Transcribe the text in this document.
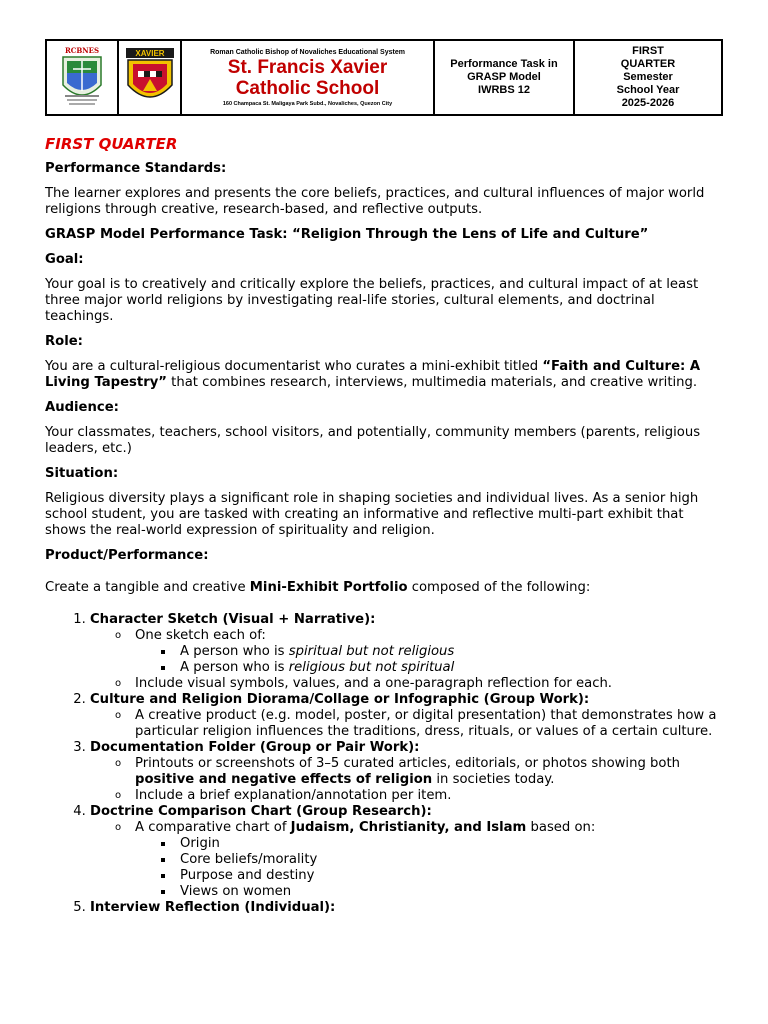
RCBNES	XAVIER	Roman Catholic Bishop of Novaliches Educational System
St. Francis Xavier
Catholic School
160 Champaca St. Maligaya Park Subd., Novaliches, Quezon City
Performance Task in
GRASP Model
IWRBS 12
FIRST
QUARTER
Semester
School Year
2025-2026
FIRST QUARTER
Performance Standards:
The learner explores and presents the core beliefs, practices, and cultural influences of major world religions through creative, research-based, and reflective outputs.
GRASP Model Performance Task: “Religion Through the Lens of Life and Culture”
Goal:
Your goal is to creatively and critically explore the beliefs, practices, and cultural impact of at least three major world religions by investigating real-life stories, cultural elements, and doctrinal teachings.
Role:
You are a cultural-religious documentarist who curates a mini-exhibit titled “Faith and Culture: A Living Tapestry” that combines research, interviews, multimedia materials, and creative writing.
Audience:
Your classmates, teachers, school visitors, and potentially, community members (parents, religious leaders, etc.)
Situation:
Religious diversity plays a significant role in shaping societies and individual lives. As a senior high school student, you are tasked with creating an informative and reflective multi-part exhibit that shows the real-world expression of spirituality and religion.
Product/Performance:
Create a tangible and creative Mini-Exhibit Portfolio composed of the following:
1. Character Sketch (Visual + Narrative):
o One sketch each of:
A person who is spiritual but not religious
A person who is religious but not spiritual
o Include visual symbols, values, and a one-paragraph reflection for each.
2. Culture and Religion Diorama/Collage or Infographic (Group Work):
o A creative product (e.g. model, poster, or digital presentation) that demonstrates how a particular religion influences the traditions, dress, rituals, or values of a certain culture.
3. Documentation Folder (Group or Pair Work):
o Printouts or screenshots of 3–5 curated articles, editorials, or photos showing both positive and negative effects of religion in societies today.
o Include a brief explanation/annotation per item.
4. Doctrine Comparison Chart (Group Research):
o A comparative chart of Judaism, Christianity, and Islam based on:
Origin
Core beliefs/morality
Purpose and destiny
Views on women
5. Interview Reflection (Individual):
